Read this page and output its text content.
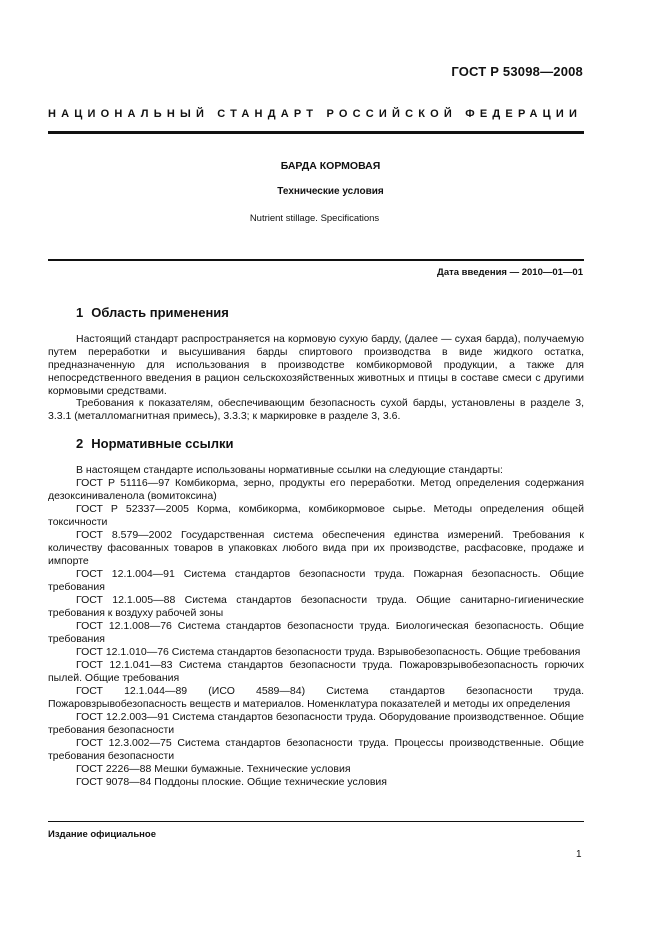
ГОСТ Р 53098—2008
НАЦИОНАЛЬНЫЙ СТАНДАРТ РОССИЙСКОЙ ФЕДЕРАЦИИ
БАРДА КОРМОВАЯ
Технические условия
Nutrient stillage. Specifications
Дата введения — 2010—01—01
1 Область применения
Настоящий стандарт распространяется на кормовую сухую барду, (далее — сухая барда), получаемую путем переработки и высушивания барды спиртового производства в виде жидкого остатка, предназначенную для использования в производстве комбикормовой продукции, а также для непосредственного введения в рацион сельскохозяйственных животных и птицы в составе смеси с другими кормовыми средствами.
Требования к показателям, обеспечивающим безопасность сухой барды, установлены в разделе 3, 3.3.1 (металломагнитная примесь), 3.3.3; к маркировке в разделе 3, 3.6.
2 Нормативные ссылки
В настоящем стандарте использованы нормативные ссылки на следующие стандарты:
ГОСТ Р 51116—97 Комбикорма, зерно, продукты его переработки. Метод определения содержания дезоксиниваленола (вомитоксина)
ГОСТ Р 52337—2005 Корма, комбикорма, комбикормовое сырье. Методы определения общей токсичности
ГОСТ 8.579—2002 Государственная система обеспечения единства измерений. Требования к количеству фасованных товаров в упаковках любого вида при их производстве, расфасовке, продаже и импорте
ГОСТ 12.1.004—91 Система стандартов безопасности труда. Пожарная безопасность. Общие требования
ГОСТ 12.1.005—88 Система стандартов безопасности труда. Общие санитарно-гигиенические требования к воздуху рабочей зоны
ГОСТ 12.1.008—76 Система стандартов безопасности труда. Биологическая безопасность. Общие требования
ГОСТ 12.1.010—76 Система стандартов безопасности труда. Взрывобезопасность. Общие требования
ГОСТ 12.1.041—83 Система стандартов безопасности труда. Пожаровзрывобезопасность горючих пылей. Общие требования
ГОСТ 12.1.044—89 (ИСО 4589—84) Система стандартов безопасности труда. Пожаровзрывобезопасность веществ и материалов. Номенклатура показателей и методы их определения
ГОСТ 12.2.003—91 Система стандартов безопасности труда. Оборудование производственное. Общие требования безопасности
ГОСТ 12.3.002—75 Система стандартов безопасности труда. Процессы производственные. Общие требования безопасности
ГОСТ 2226—88 Мешки бумажные. Технические условия
ГОСТ 9078—84 Поддоны плоские. Общие технические условия
Издание официальное
1
